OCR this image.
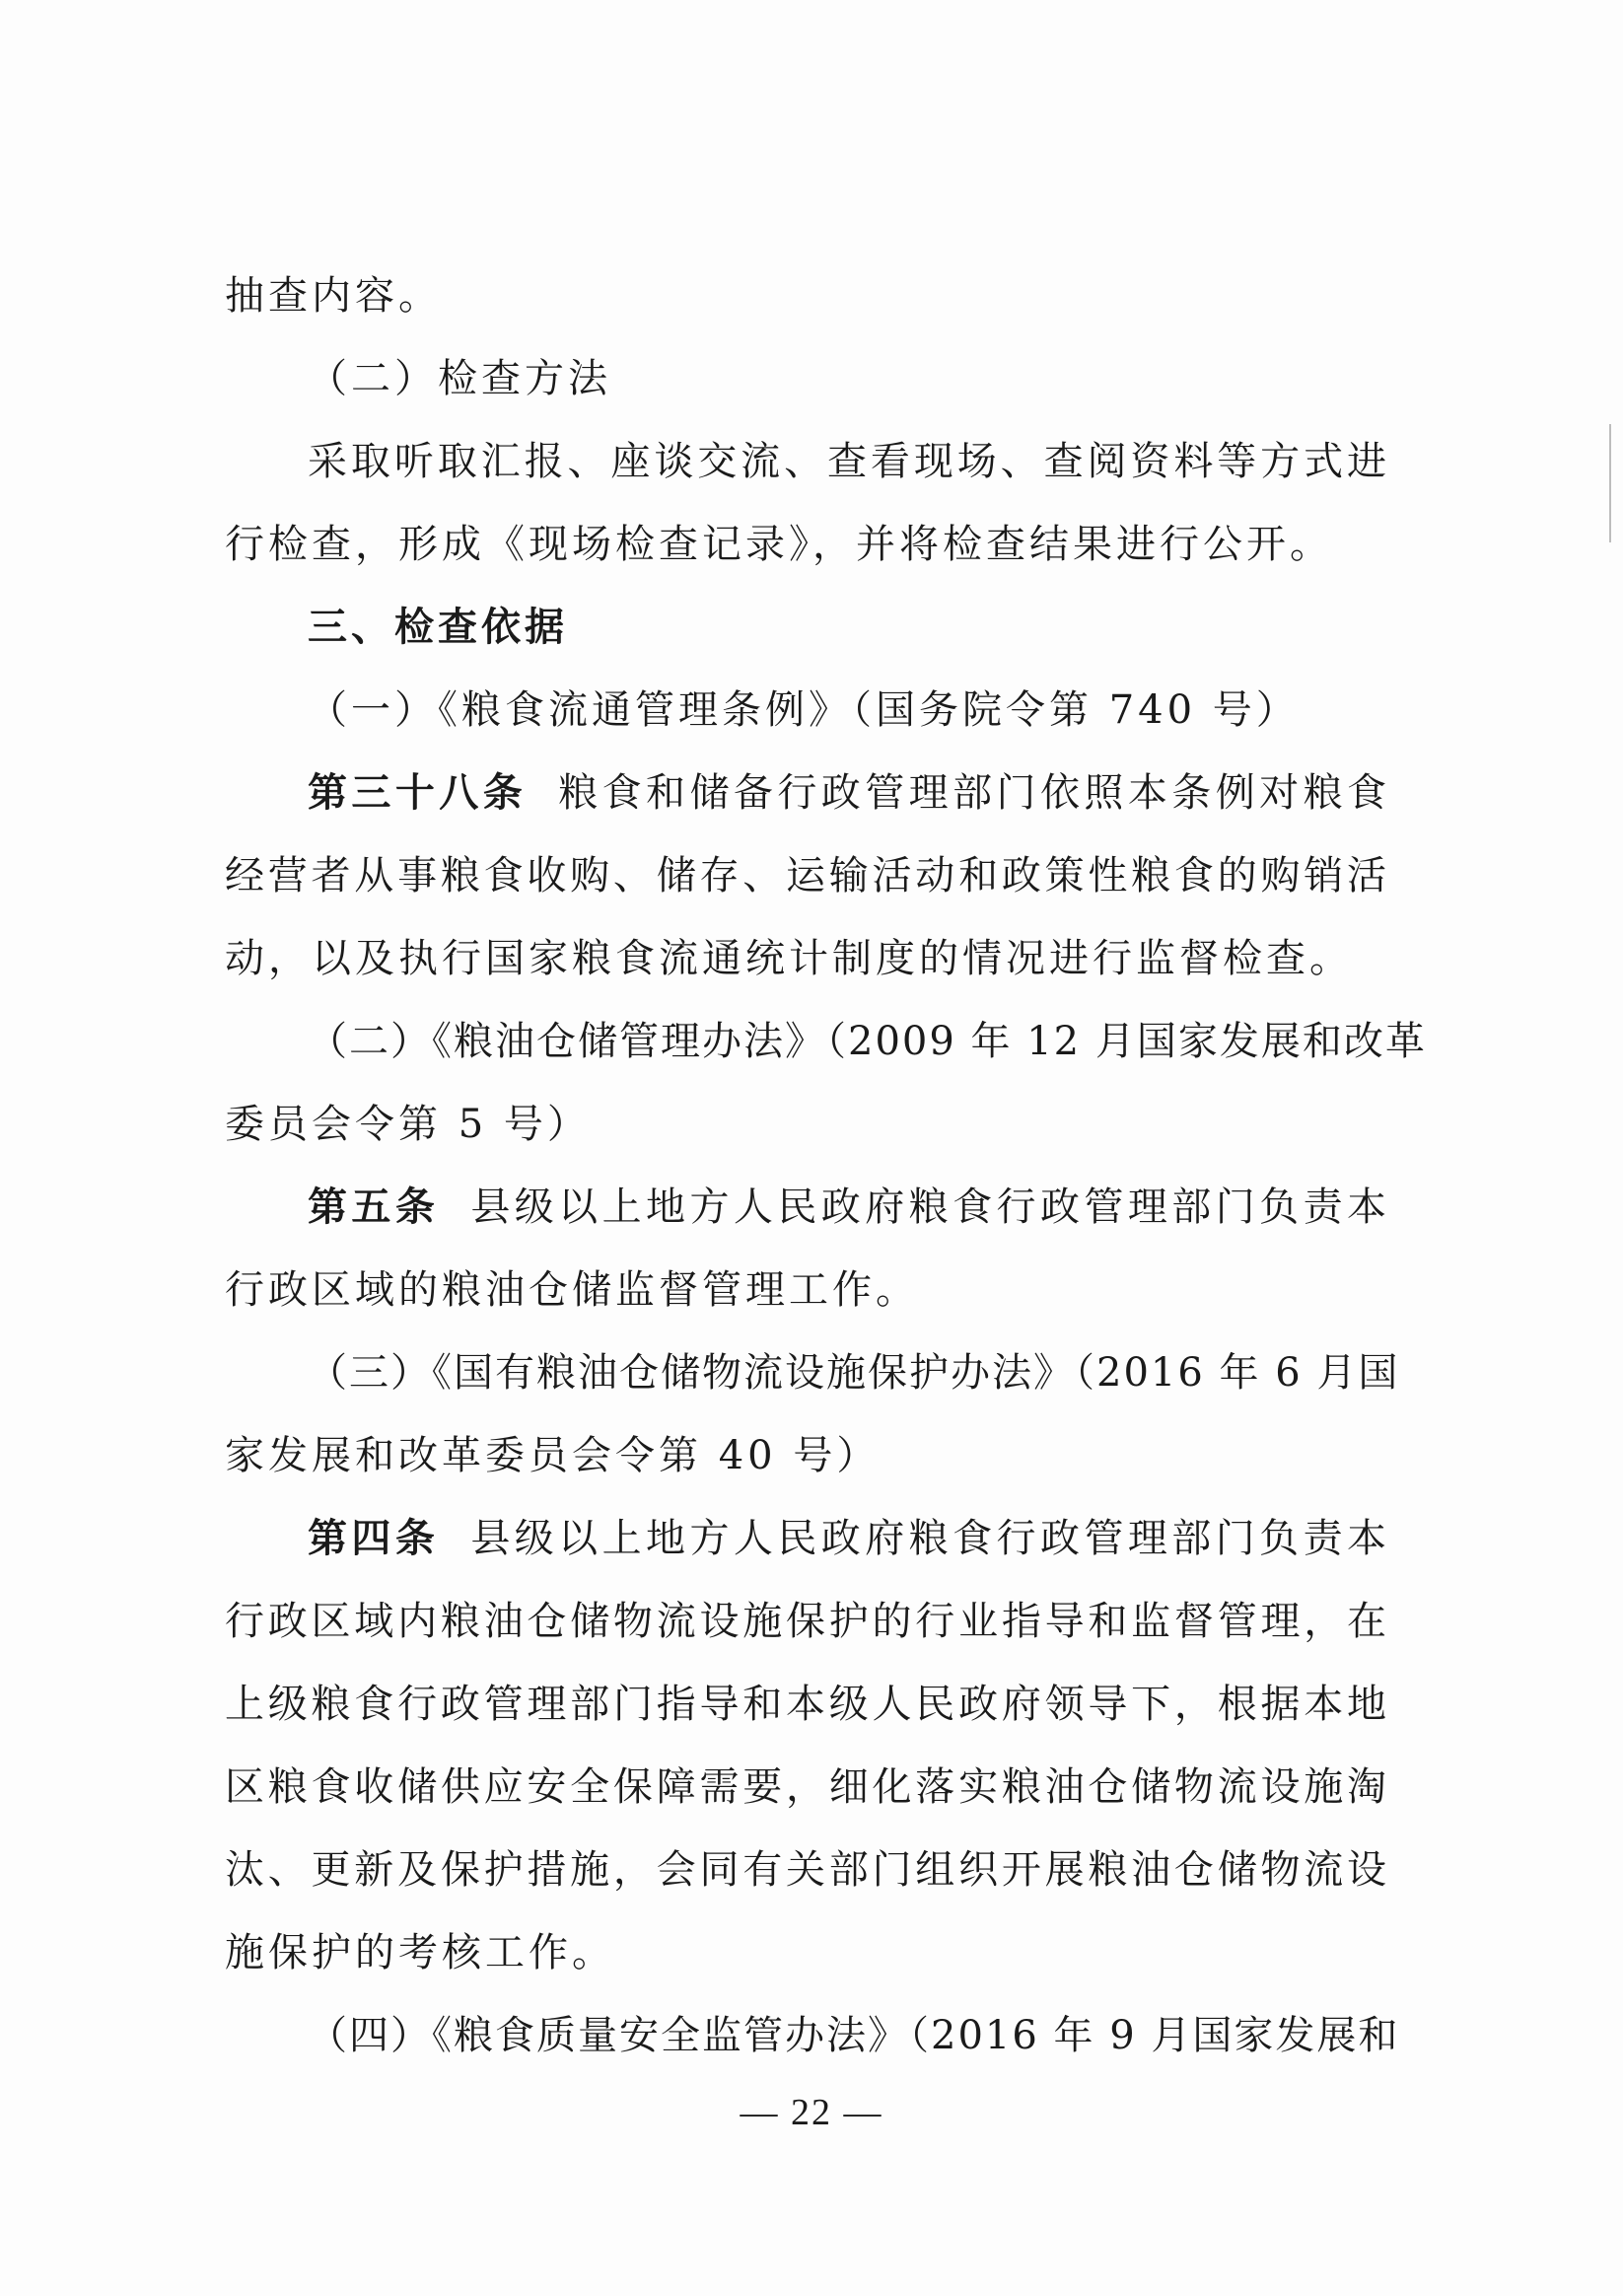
抽查内容。
（二）检查方法
采取听取汇报、座谈交流、查看现场、查阅资料等方式进
行检查，形成《现场检查记录》，并将检查结果进行公开。
三、检查依据
（一）《粮食流通管理条例》（国务院令第 740 号）
第三十八条 粮食和储备行政管理部门依照本条例对粮食
经营者从事粮食收购、储存、运输活动和政策性粮食的购销活
动，以及执行国家粮食流通统计制度的情况进行监督检查。
（二）《粮油仓储管理办法》（2009 年 12 月国家发展和改革
委员会令第 5 号）
第五条 县级以上地方人民政府粮食行政管理部门负责本
行政区域的粮油仓储监督管理工作。
（三）《国有粮油仓储物流设施保护办法》（2016 年 6 月国
家发展和改革委员会令第 40 号）
第四条 县级以上地方人民政府粮食行政管理部门负责本
行政区域内粮油仓储物流设施保护的行业指导和监督管理，在
上级粮食行政管理部门指导和本级人民政府领导下，根据本地
区粮食收储供应安全保障需要，细化落实粮油仓储物流设施淘
汰、更新及保护措施，会同有关部门组织开展粮油仓储物流设
施保护的考核工作。
（四）《粮食质量安全监管办法》（2016 年 9 月国家发展和
— 22 —
